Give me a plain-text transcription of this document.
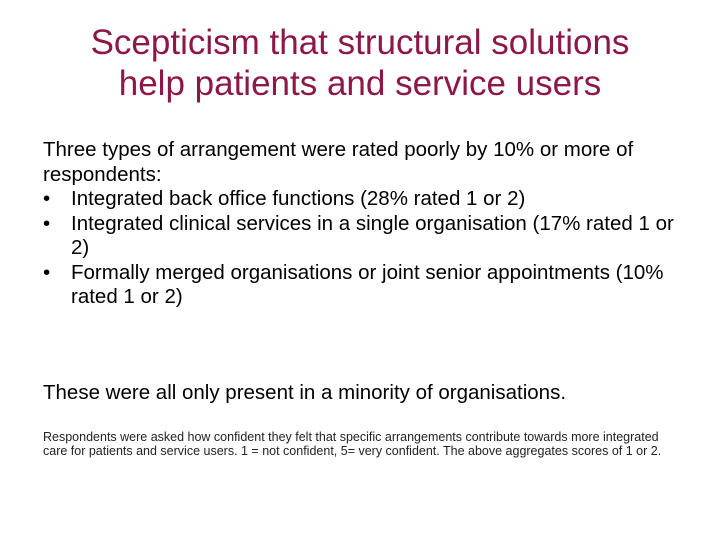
Scepticism that structural solutions
help patients and service users

Three types of arrangement were rated poorly by 10% or more of respondents:

•	Integrated back office functions (28% rated 1 or 2)
•	Integrated clinical services in a single organisation (17% rated 1 or 2)
•	Formally merged organisations or joint senior appointments (10% rated 1 or 2)

These were all only present in a minority of organisations.

Respondents were asked how confident they felt that specific arrangements contribute towards more integrated care for patients and service users. 1 = not confident, 5= very confident. The above aggregates scores of 1 or 2.
